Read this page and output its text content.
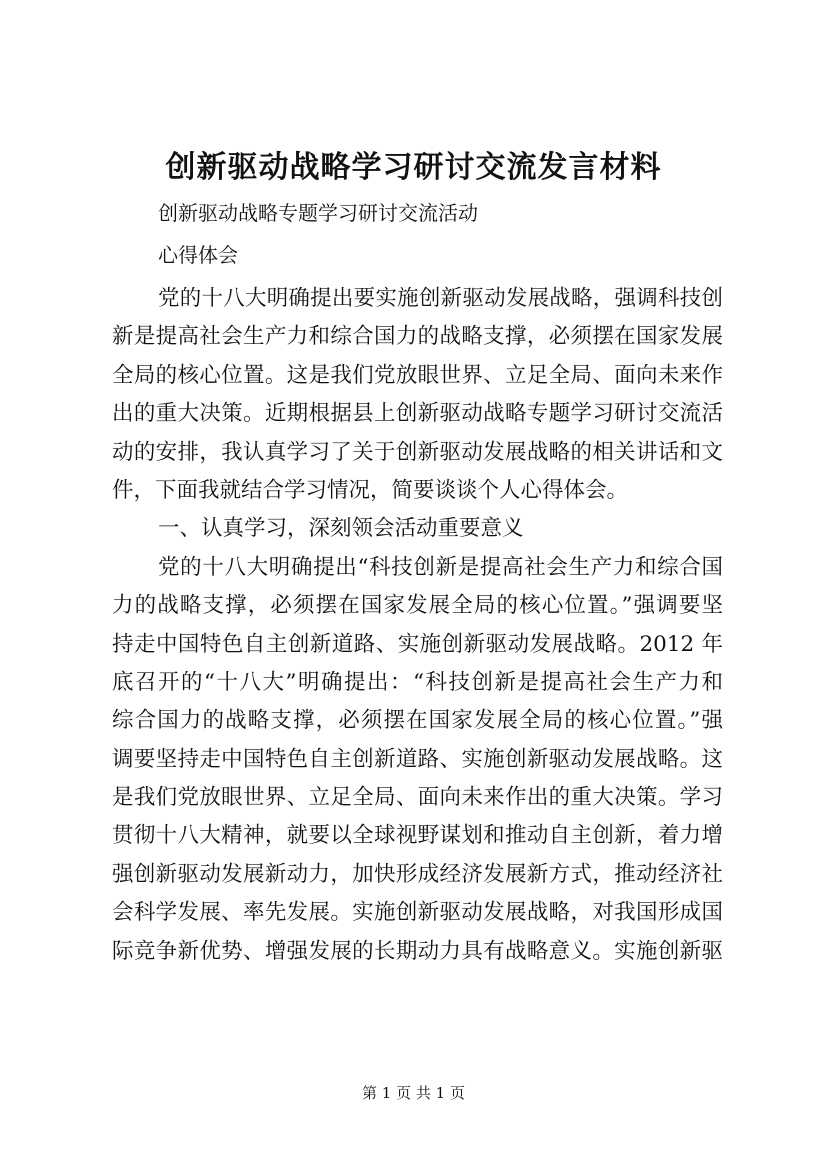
创新驱动战略学习研讨交流发言材料
创新驱动战略专题学习研讨交流活动
心得体会
党的十八大明确提出要实施创新驱动发展战略，强调科技创
新是提高社会生产力和综合国力的战略支撑，必须摆在国家发展
全局的核心位置。这是我们党放眼世界、立足全局、面向未来作
出的重大决策。近期根据县上创新驱动战略专题学习研讨交流活
动的安排，我认真学习了关于创新驱动发展战略的相关讲话和文
件，下面我就结合学习情况，简要谈谈个人心得体会。
一、认真学习，深刻领会活动重要意义
党的十八大明确提出“科技创新是提高社会生产力和综合国
力的战略支撑，必须摆在国家发展全局的核心位置。”强调要坚
持走中国特色自主创新道路、实施创新驱动发展战略。2012 年
底召开的“十八大”明确提出：“科技创新是提高社会生产力和
综合国力的战略支撑，必须摆在国家发展全局的核心位置。”强
调要坚持走中国特色自主创新道路、实施创新驱动发展战略。这
是我们党放眼世界、立足全局、面向未来作出的重大决策。学习
贯彻十八大精神，就要以全球视野谋划和推动自主创新，着力增
强创新驱动发展新动力，加快形成经济发展新方式，推动经济社
会科学发展、率先发展。实施创新驱动发展战略，对我国形成国
际竞争新优势、增强发展的长期动力具有战略意义。实施创新驱
第 1 页 共 1 页
